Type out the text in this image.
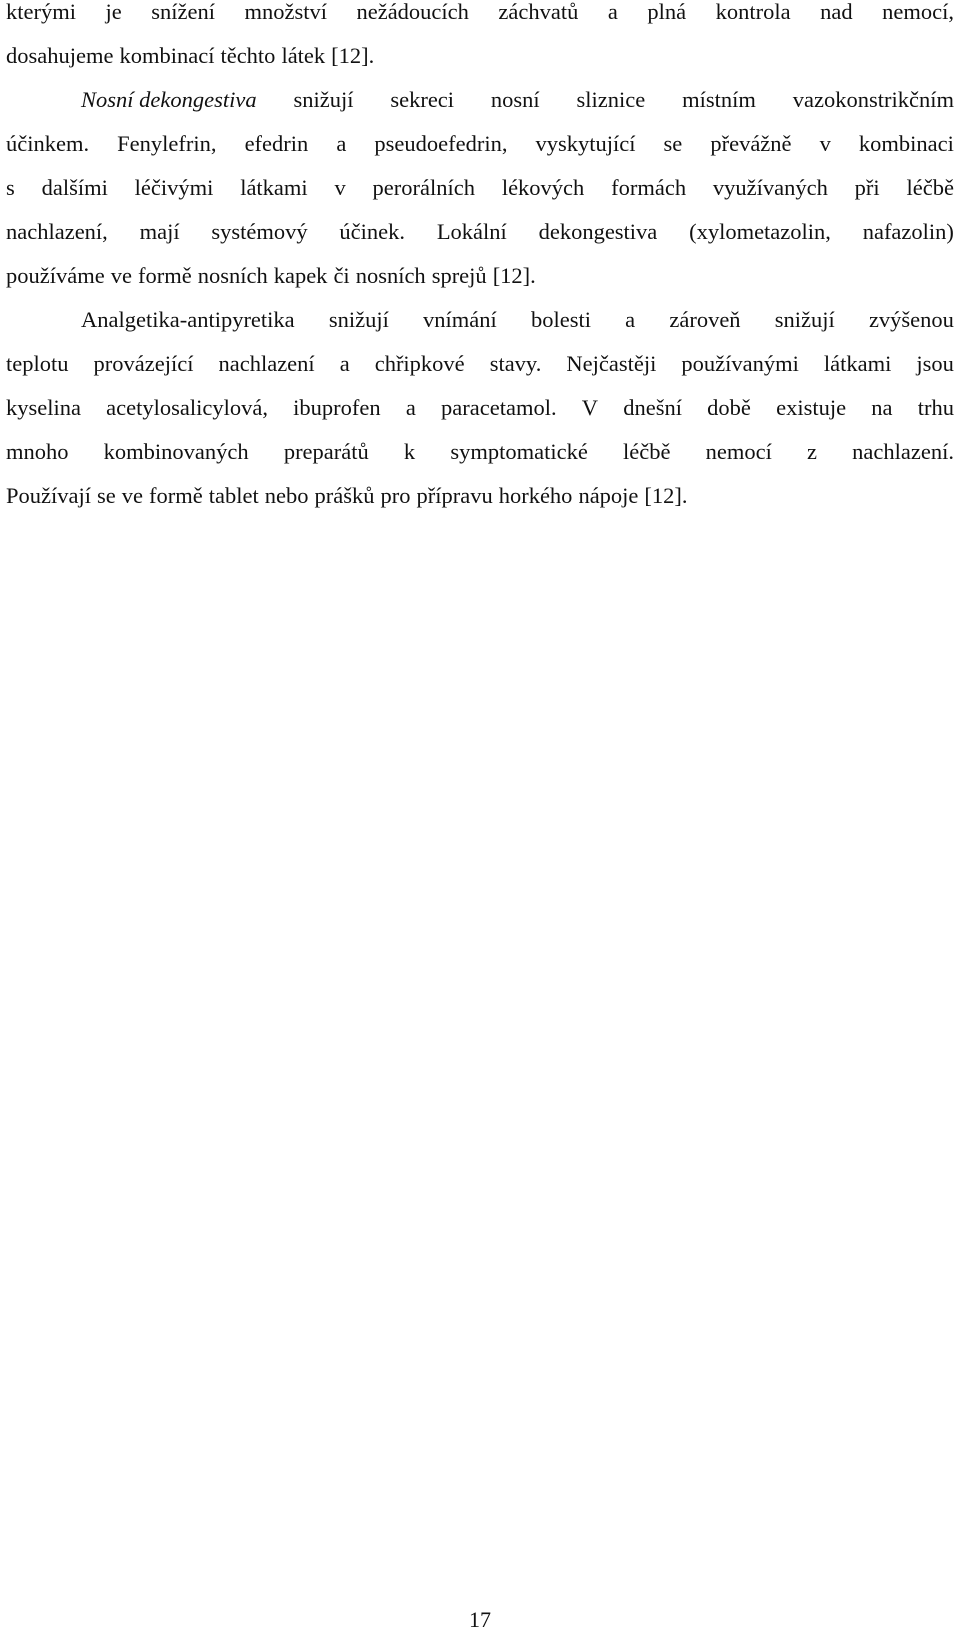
kterými je snížení množství nežádoucích záchvatů a plná kontrola nad nemocí,
dosahujeme kombinací těchto látek [12].
Nosní dekongestiva snižují sekreci nosní sliznice místním vazokonstrikčním
účinkem. Fenylefrin, efedrin a pseudoefedrin, vyskytující se převážně v kombinaci
s dalšími léčivými látkami v perorálních lékových formách využívaných při léčbě
nachlazení, mají systémový účinek. Lokální dekongestiva (xylometazolin, nafazolin)
používáme ve formě nosních kapek či nosních sprejů [12].
Analgetika-antipyretika snižují vnímání bolesti a zároveň snižují zvýšenou
teplotu provázející nachlazení a chřipkové stavy. Nejčastěji používanými látkami jsou
kyselina acetylosalicylová, ibuprofen a paracetamol. V dnešní době existuje na trhu
mnoho kombinovaných preparátů k symptomatické léčbě nemocí z nachlazení.
Používají se ve formě tablet nebo prášků pro přípravu horkého nápoje [12].
17
